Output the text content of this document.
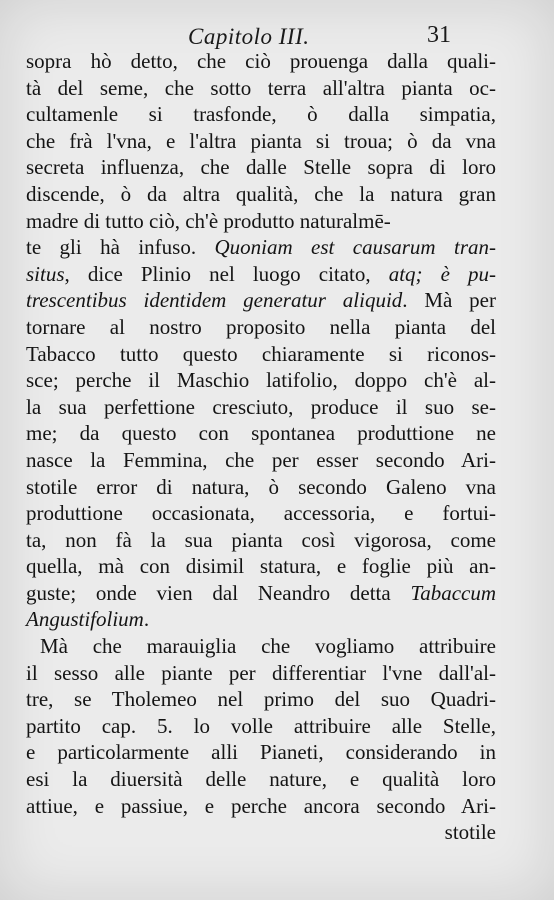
Capitolo III.	31
sopra hò detto, che ciò prouenga dalla quali-
tà del seme, che sotto terra all'altra pianta oc-
cultamenle si trasfonde, ò dalla simpatia,
che frà l'vna, e l'altra pianta si troua; ò da vna
secreta influenza, che dalle Stelle sopra di loro
discende, ò da altra qualità, che la natura gran
madre di tutto ciò, ch'è produtto naturalmē-
te gli hà infuso. Quoniam est causarum tran-
situs, dice Plinio nel luogo citato, atq; è pu-
trescentibus identidem generatur aliquid. Mà per
tornare al nostro proposito nella pianta del
Tabacco tutto questo chiaramente si riconos-
sce; perche il Maschio latifolio, doppo ch'è al-
la sua perfettione cresciuto, produce il suo se-
me; da questo con spontanea produttione ne
nasce la Femmina, che per esser secondo Ari-
stotile error di natura, ò secondo Galeno vna
produttione occasionata, accessoria, e fortui-
ta, non fà la sua pianta così vigorosa, come
quella, mà con disimil statura, e foglie più an-
guste; onde vien dal Neandro detta Tabaccum
Angustifolium.
Mà che marauiglia che vogliamo attribuire
il sesso alle piante per differentiar l'vne dall'al-
tre, se Tholemeo nel primo del suo Quadri-
partito cap. 5. lo volle attribuire alle Stelle,
e particolarmente alli Pianeti, considerando in
esi la diuersità delle nature, e qualità loro
attiue, e passiue, e perche ancora secondo Ari-
stotile
